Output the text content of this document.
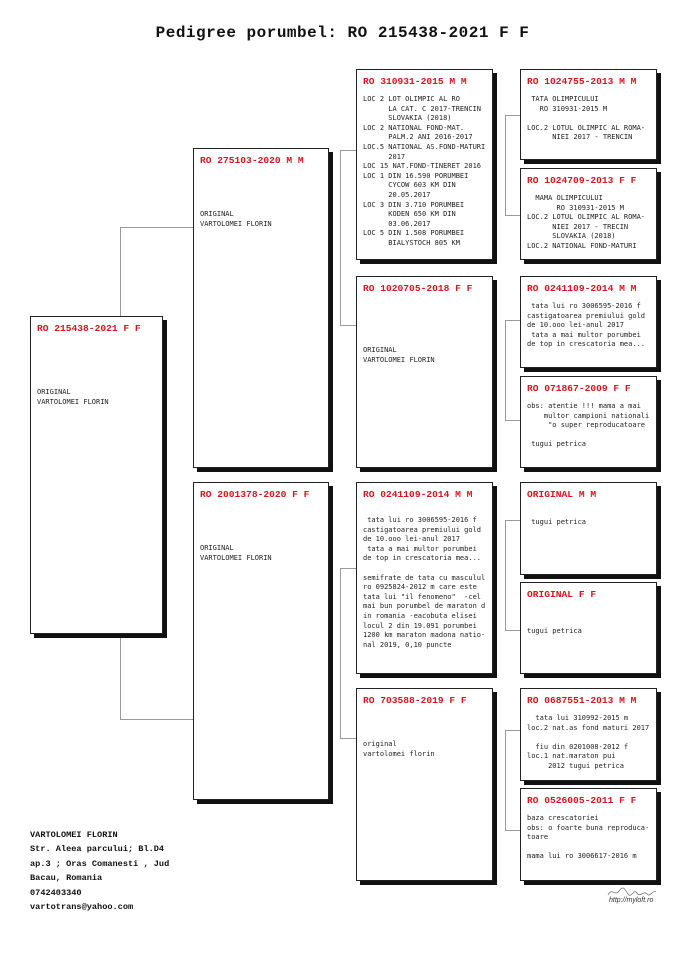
Pedigree porumbel: RO 215438-2021 F F
RO 215438-2021 F F
ORIGINAL
VARTOLOMEI FLORIN
RO 275103-2020 M M
ORIGINAL
VARTOLOMEI FLORIN
RO 2001378-2020 F F
ORIGINAL
VARTOLOMEI FLORIN
RO 310931-2015 M M
LOC 2 LOT OLIMPIC AL RO
LA CAT. C 2017-TRENCIN
SLOVAKIA (2018)
LOC 2 NATIONAL FOND-MAT.
PALM.2 ANI 2016-2017
LOC.5 NATIONAL AS.FOND-MATURI
2017
LOC 15 NAT.FOND-TINERET 2016
LOC 1 DIN 16.590 PORUMBEI
CYCOW 603 KM DIN
20.05.2017
LOC 3 DIN 3.710 PORUMBEI
KODEN 650 KM DIN
03.06.2017
LOC 5 DIN 1.508 PORUMBEI
BIALYSTOCH 805 KM
RO 1020705-2018 F F
ORIGINAL
VARTOLOMEI FLORIN
RO 0241109-2014 M M
tata lui ro 3006595-2016 f
castigatoarea premiului gold
de 10.ooo lei-anul 2017
tata a mai multor porumbei
de top in crescatoria mea...

semifrate de tata cu masculul
ro 0925824-2012 m care este
tata lui "il fenomeno"  -cel
mai bun porumbel de maraton d
in romania -eacobuta elisei
locul 2 din 19.091 porumbei
1200 km maraton madona natio-
nal 2019, 0,10 puncte
RO 703588-2019 F F
original
vartolomei florin
RO 1024755-2013 M M
TATA OLIMPICULUI
RO 310931-2015 M

LOC.2 LOTUL OLIMPIC AL ROMA-
NIEI 2017 - TRENCIN
RO 1024709-2013 F F
MAMA OLIMPICULUI
RO 310931-2015 M
LOC.2 LOTUL OLIMPIC AL ROMA-
NIEI 2017 - TRECIN
SLOVAKIA (2018)
LOC.2 NATIONAL FOND-MATURI
RO 0241109-2014 M M
tata lui ro 3006595-2016 f
castigatoarea premiului gold
de 10.ooo lei-anul 2017
tata a mai multor porumbei
de top in crescatoria mea...
RO 071867-2009 F F
obs: atentie !!! mama a mai
multor campioni nationali
"o super reproducatoare

tugui petrica
ORIGINAL M M

tugui petrica
ORIGINAL F F

tugui petrica
RO 0687551-2013 M M
tata lui 310992-2015 m
loc.2 nat.as fond maturi 2017

fiu din 0201008-2012 f
loc.1 nat.maraton pui
2012 tugui petrica
RO 0526005-2011 F F
baza crescatoriei
obs: o foarte buna reproduca-
toare

mama lui ro 3006617-2016 m
VARTOLOMEI FLORIN
Str. Aleea parcului; Bl.D4
ap.3 ; Oras Comanesti , Jud
Bacau, Romania
0742403340
vartotrans@yahoo.com
http://myloft.ro
